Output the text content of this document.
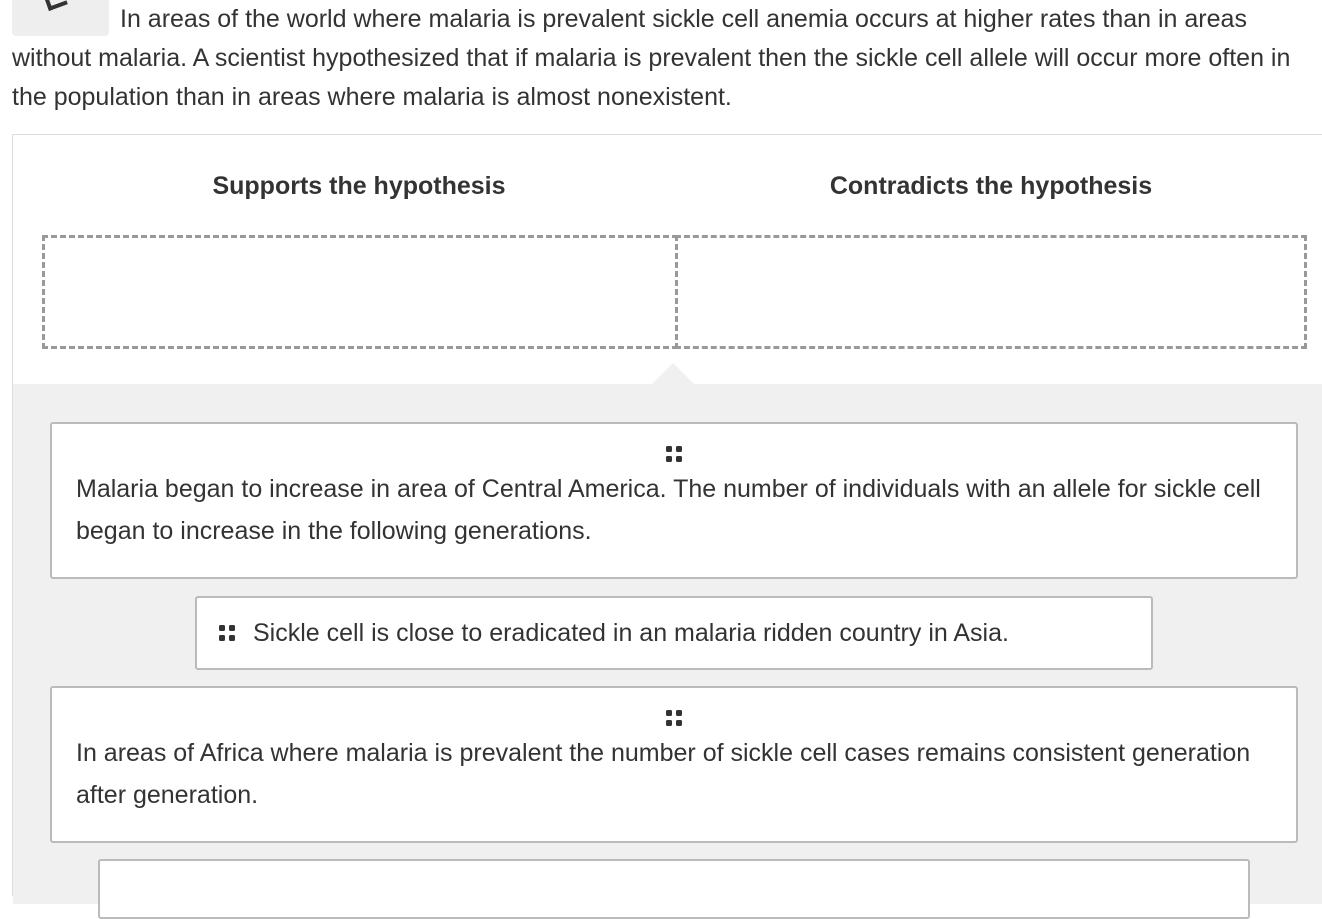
In areas of the world where malaria is prevalent sickle cell anemia occurs at higher rates than in areas without malaria. A scientist hypothesized that if malaria is prevalent then the sickle cell allele will occur more often in the population than in areas where malaria is almost nonexistent.

Supports the hypothesis	Contradicts the hypothesis
Malaria began to increase in area of Central America. The number of individuals with an allele for sickle cell began to increase in the following generations.
Sickle cell is close to eradicated in an malaria ridden country in Asia.
In areas of Africa where malaria is prevalent the number of sickle cell cases remains consistent generation after generation.
